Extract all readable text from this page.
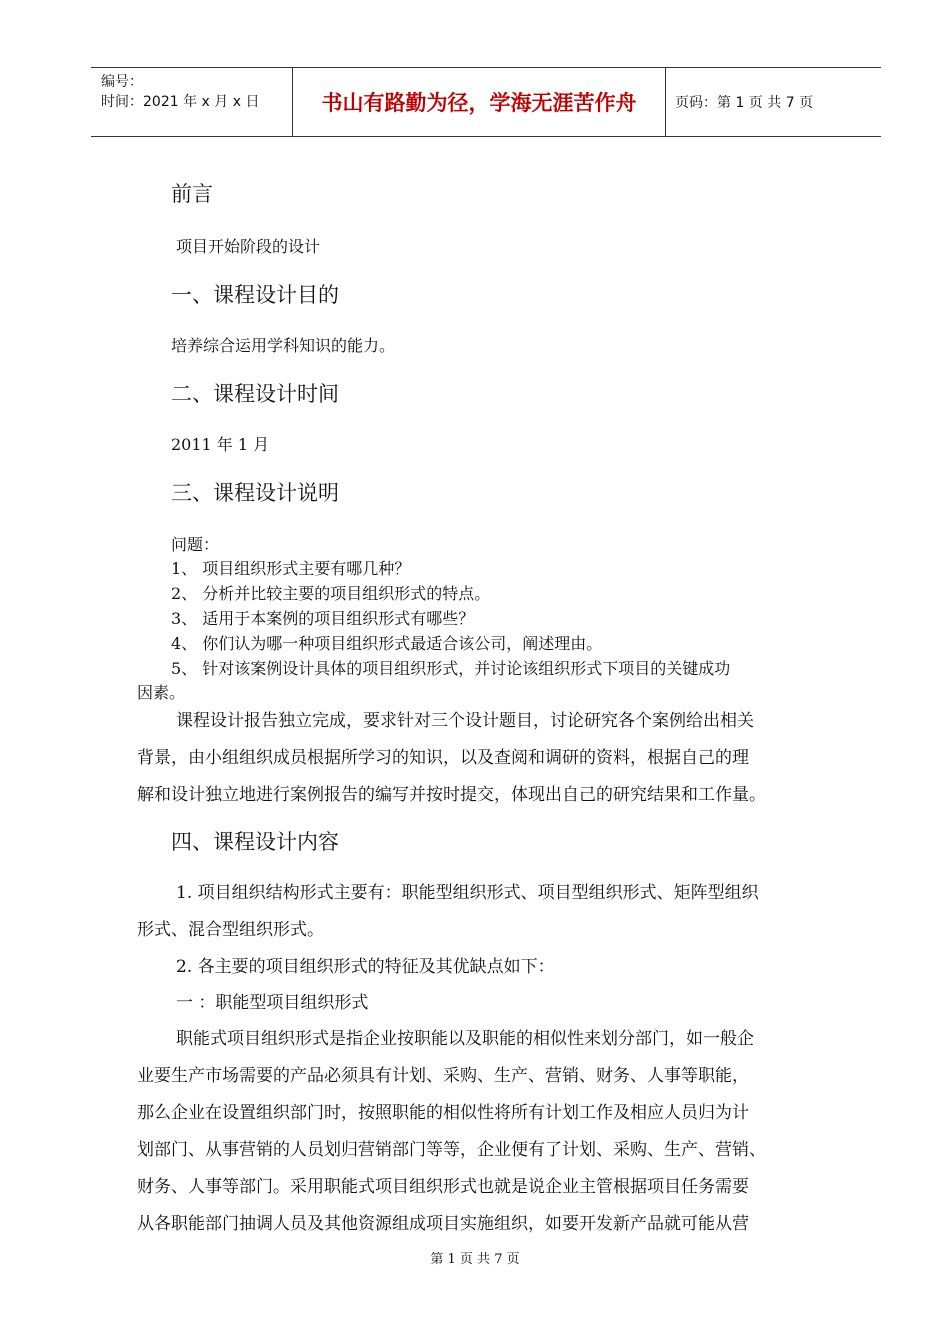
编号：
时间：2021 年 x 月 x 日	书山有路勤为径，学海无涯苦作舟	页码：第 1 页 共 7 页
前言
项目开始阶段的设计
一、课程设计目的
培养综合运用学科知识的能力。
二、课程设计时间
2011 年 1 月
三、课程设计说明
问题：
1、 项目组织形式主要有哪几种？
2、 分析并比较主要的项目组织形式的特点。
3、 适用于本案例的项目组织形式有哪些？
4、 你们认为哪一种项目组织形式最适合该公司，阐述理由。
5、 针对该案例设计具体的项目组织形式，并讨论该组织形式下项目的关键成功
因素。
课程设计报告独立完成，要求针对三个设计题目，讨论研究各个案例给出相关
背景，由小组组织成员根据所学习的知识，以及查阅和调研的资料，根据自己的理
解和设计独立地进行案例报告的编写并按时提交，体现出自己的研究结果和工作量。
四、课程设计内容
1. 项目组织结构形式主要有：职能型组织形式、项目型组织形式、矩阵型组织
形式、混合型组织形式。
2. 各主要的项目组织形式的特征及其优缺点如下：
一 ：职能型项目组织形式
职能式项目组织形式是指企业按职能以及职能的相似性来划分部门，如一般企
业要生产市场需要的产品必须具有计划、采购、生产、营销、财务、人事等职能，
那么企业在设置组织部门时，按照职能的相似性将所有计划工作及相应人员归为计
划部门、从事营销的人员划归营销部门等等，企业便有了计划、采购、生产、营销、
财务、人事等部门。采用职能式项目组织形式也就是说企业主管根据项目任务需要
从各职能部门抽调人员及其他资源组成项目实施组织，如要开发新产品就可能从营
第 1 页 共 7 页
